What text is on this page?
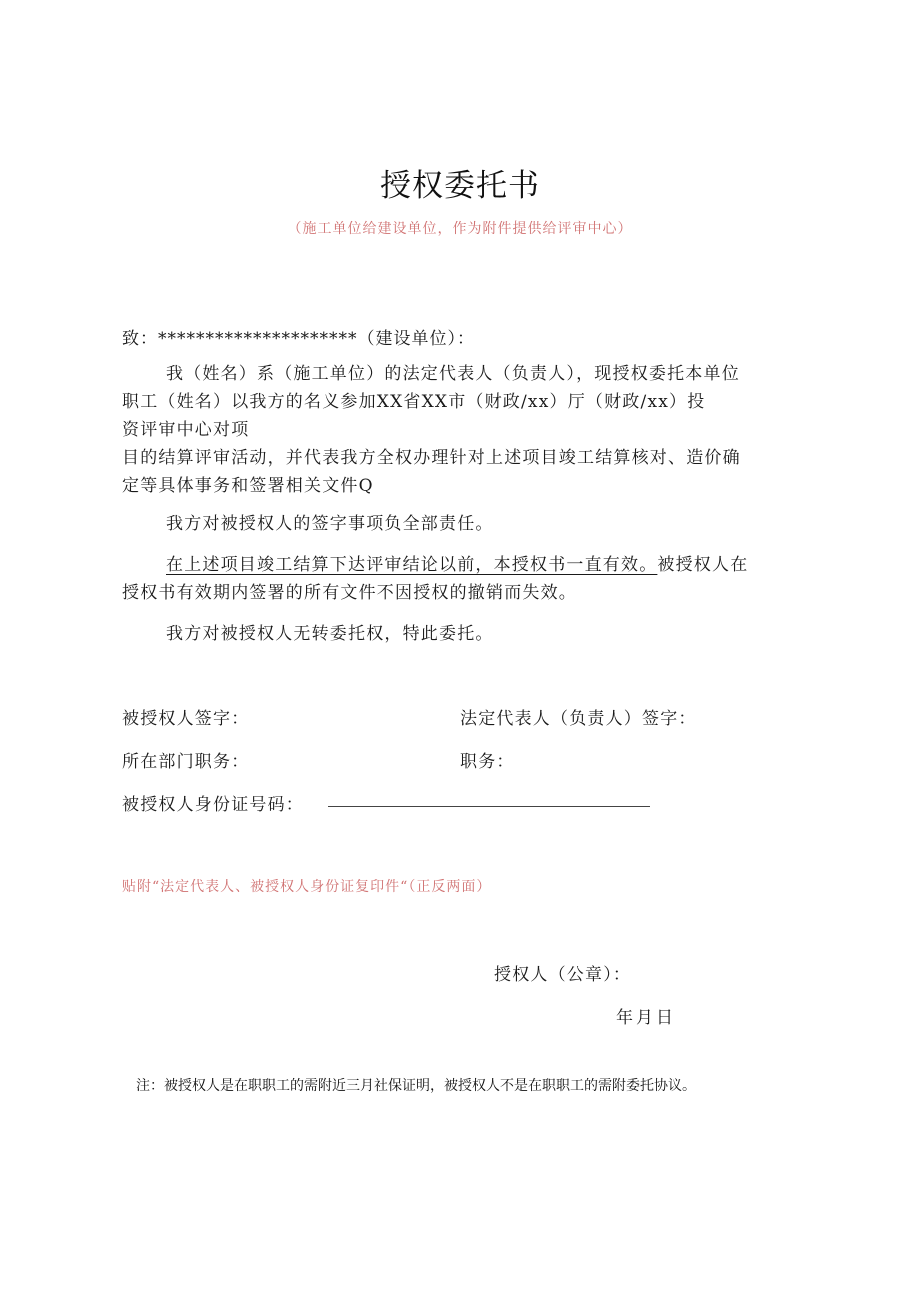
授权委托书
（施工单位给建设单位，作为附件提供给评审中心）
致：*********************（建设单位）：
我（姓名）系（施工单位）的法定代表人（负责人），现授权委托本单位
职工（姓名）以我方的名义参加XX省XX市（财政∕xx）厅（财政∕xx）投
资评审中心对项
目的结算评审活动，并代表我方全权办理针对上述项目竣工结算核对、造价确
定等具体事务和签署相关文件Q
我方对被授权人的签字事项负全部责任。
在上述项目竣工结算下达评审结论以前，本授权书一直有效。被授权人在
授权书有效期内签署的所有文件不因授权的撤销而失效。
我方对被授权人无转委托权，特此委托。
被授权人签字：	法定代表人（负责人）签字：
所在部门职务：	职务：
被授权人身份证号码：
贴附“法定代表人、被授权人身份证复印件“（正反两面）
授权人（公章）：
年月日
注：被授权人是在职职工的需附近三月社保证明，被授权人不是在职职工的需附委托协议。
